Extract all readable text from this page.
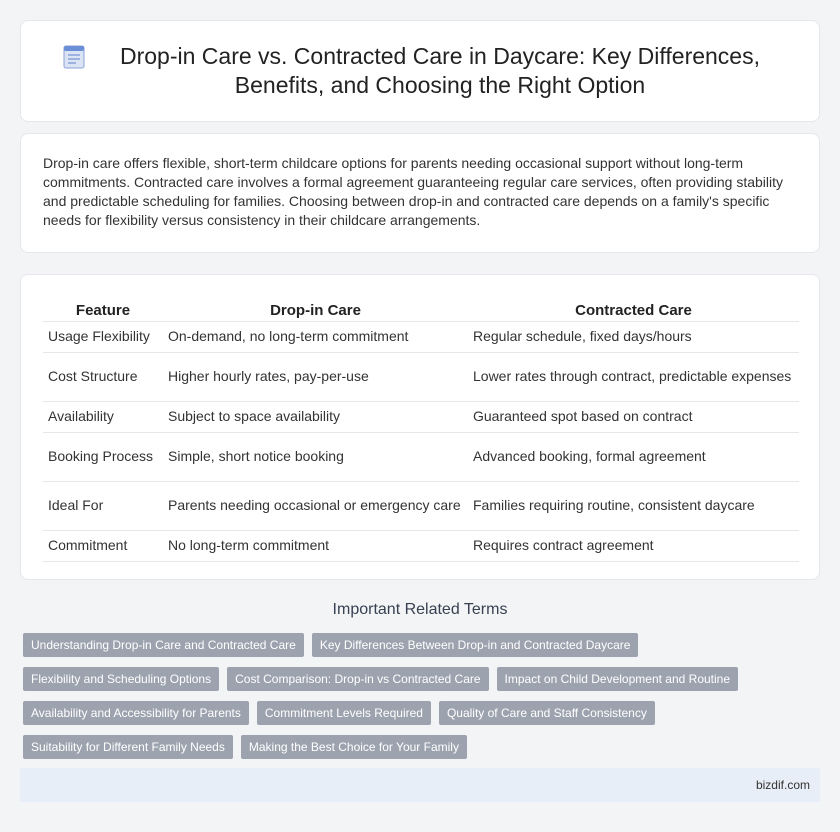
Drop-in Care vs. Contracted Care in Daycare: Key Differences, Benefits, and Choosing the Right Option

Drop-in care offers flexible, short-term childcare options for parents needing occasional support without long-term commitments. Contracted care involves a formal agreement guaranteeing regular care services, often providing stability and predictable scheduling for families. Choosing between drop-in and contracted care depends on a family's specific needs for flexibility versus consistency in their childcare arrangements.

Feature	Drop-in Care	Contracted Care
Usage Flexibility	On-demand, no long-term commitment	Regular schedule, fixed days/hours
Cost Structure	Higher hourly rates, pay-per-use	Lower rates through contract, predictable expenses
Availability	Subject to space availability	Guaranteed spot based on contract
Booking Process	Simple, short notice booking	Advanced booking, formal agreement
Ideal For	Parents needing occasional or emergency care	Families requiring routine, consistent daycare
Commitment	No long-term commitment	Requires contract agreement
Important Related Terms
Understanding Drop-in Care and Contracted Care	Key Differences Between Drop-in and Contracted Daycare
Flexibility and Scheduling Options	Cost Comparison: Drop-in vs Contracted Care	Impact on Child Development and Routine
Availability and Accessibility for Parents	Commitment Levels Required	Quality of Care and Staff Consistency
Suitability for Different Family Needs	Making the Best Choice for Your Family
bizdif.com
